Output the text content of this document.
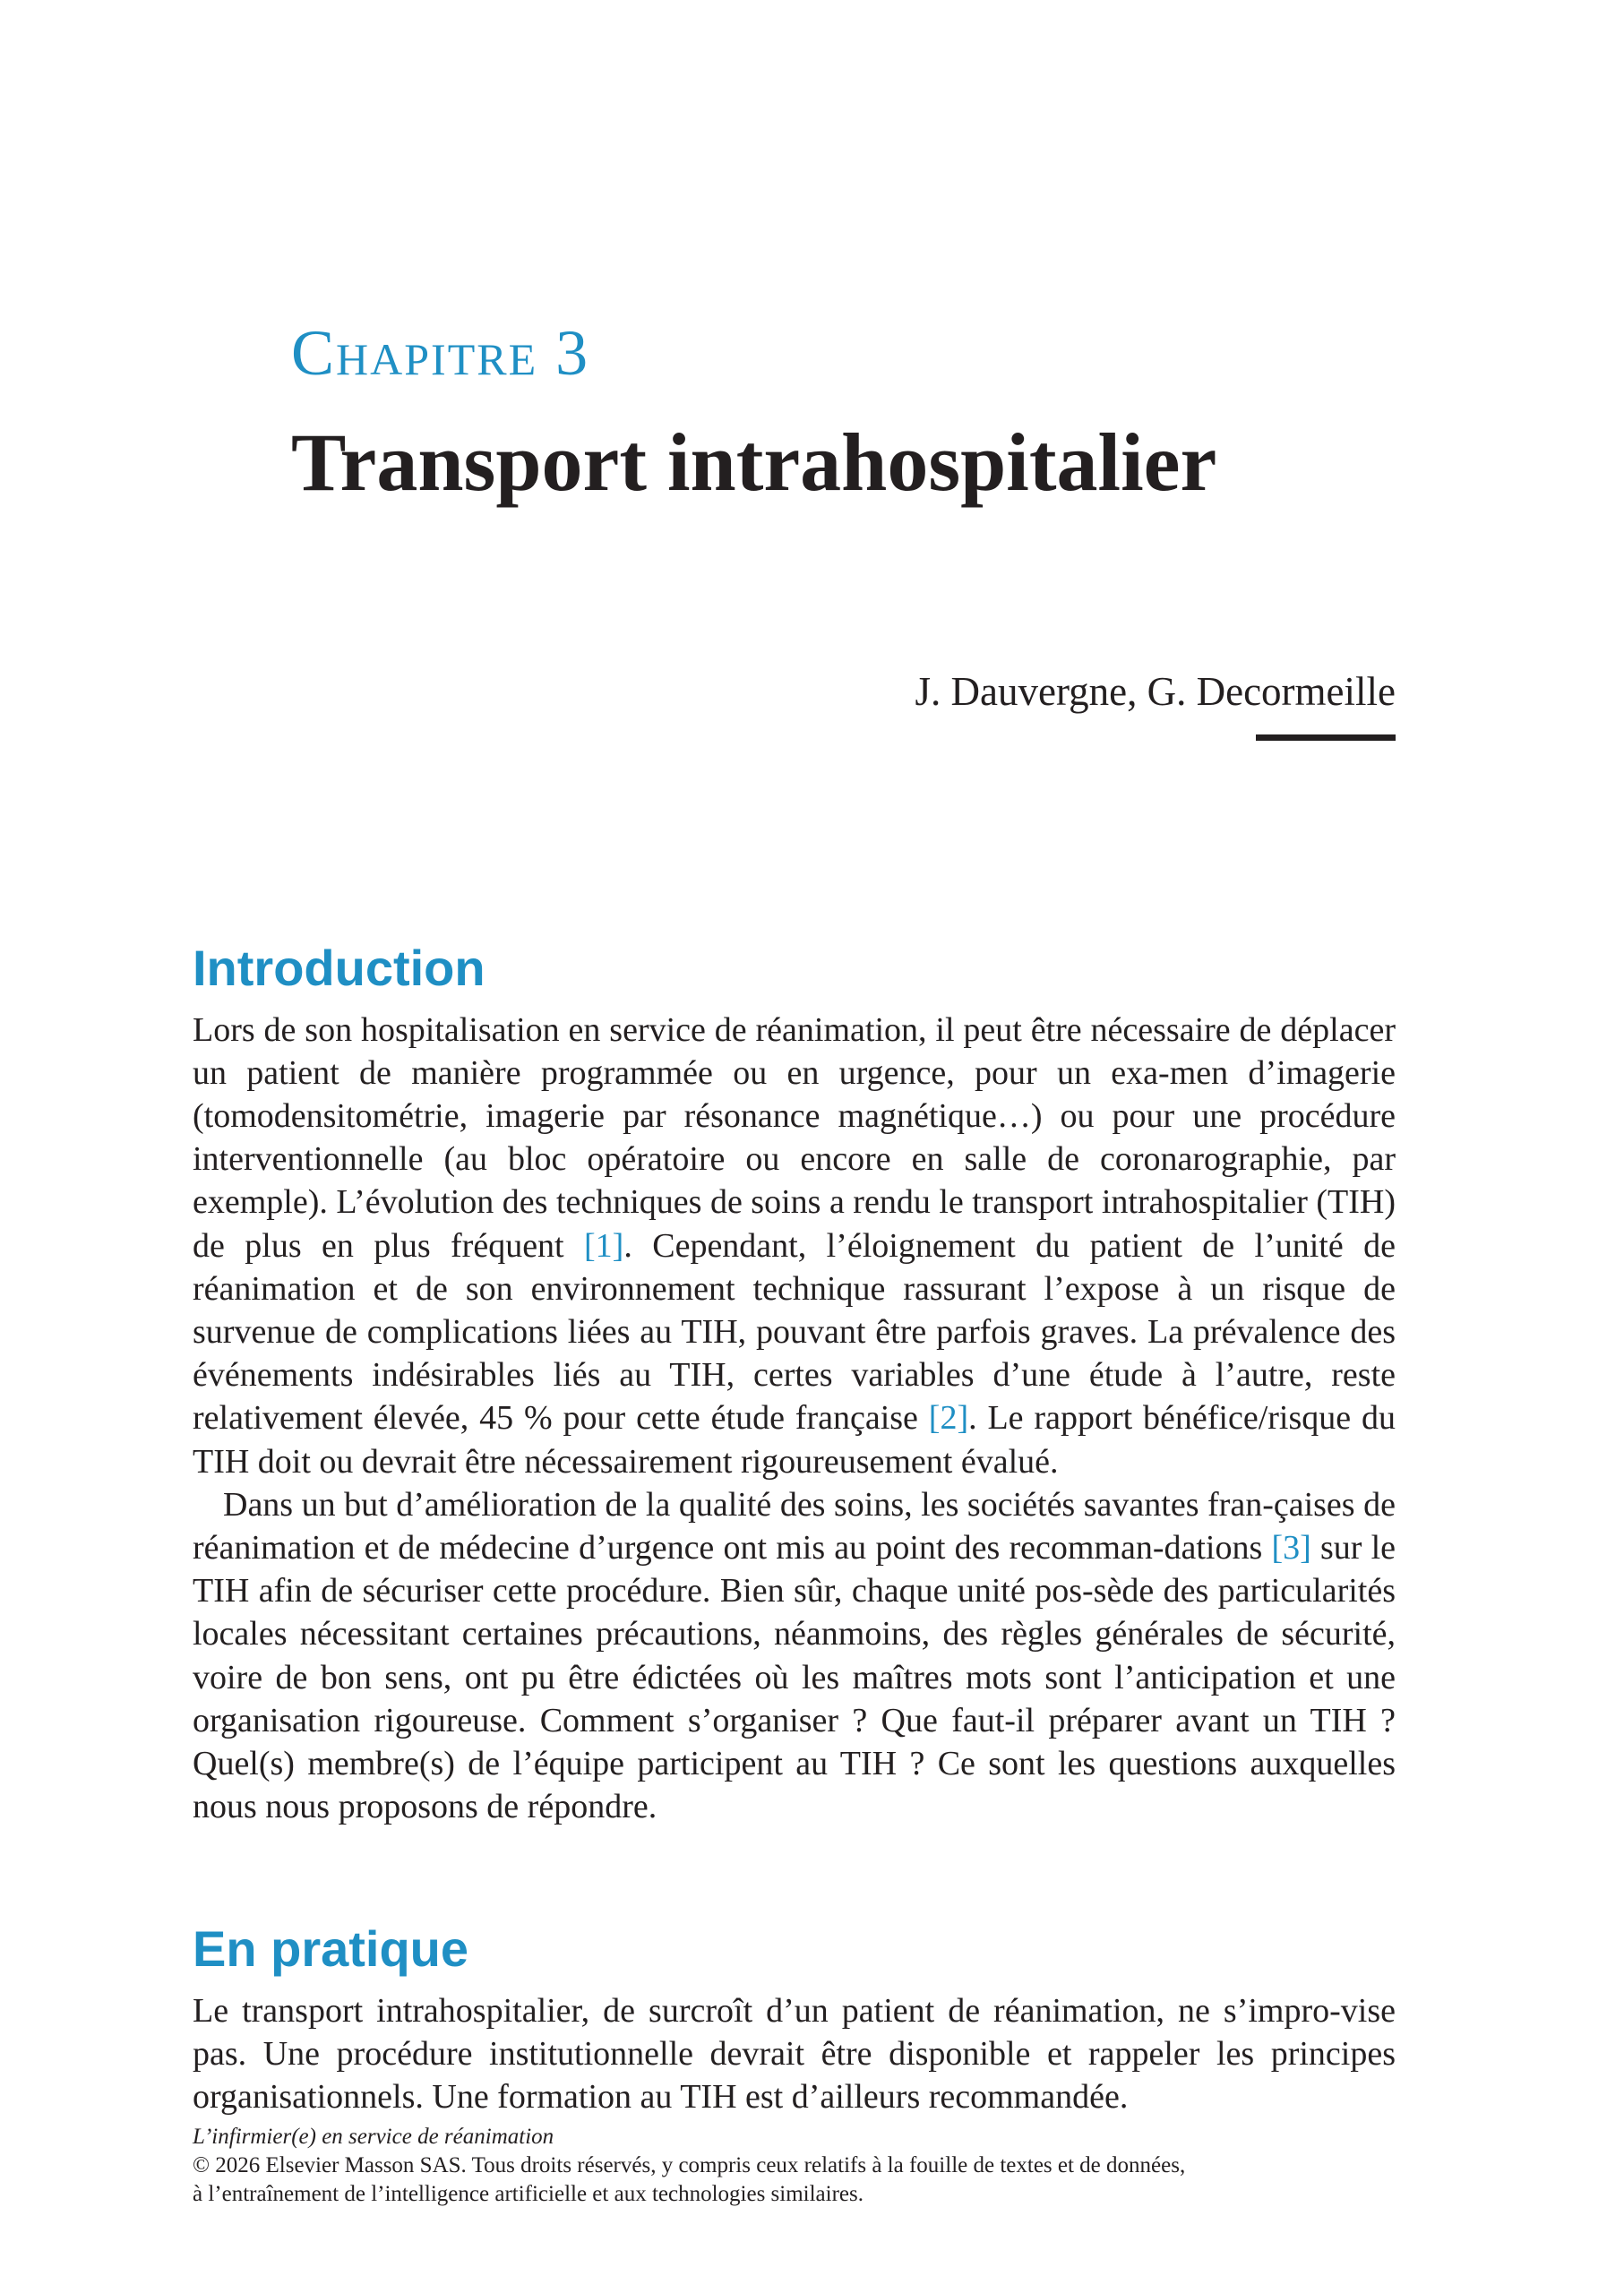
Chapitre 3
Transport intrahospitalier
J. Dauvergne, G. Decormeille
Introduction

Lors de son hospitalisation en service de réanimation, il peut être nécessaire de déplacer un patient de manière programmée ou en urgence, pour un exa-​men d’imagerie (tomodensitométrie, imagerie par résonance magnétique…) ou pour une procédure interventionnelle (au bloc opératoire ou encore en salle de coronarographie, par exemple). L’évolution des techniques de soins a rendu le transport intrahospitalier (TIH) de plus en plus fréquent [1]. Cependant, l’éloignement du patient de l’unité de réanimation et de son environnement technique rassurant l’expose à un risque de survenue de complications liées au TIH, pouvant être parfois graves. La prévalence des événements indésirables liés au TIH, certes variables d’une étude à l’autre, reste relativement élevée, 45 % pour cette étude française [2]. Le rapport bénéfice/risque du TIH doit ou devrait être nécessairement rigoureusement évalué.

Dans un but d’amélioration de la qualité des soins, les sociétés savantes fran-​çaises de réanimation et de médecine d’urgence ont mis au point des recomman-​dations [3] sur le TIH afin de sécuriser cette procédure. Bien sûr, chaque unité pos-​sède des particularités locales nécessitant certaines précautions, néanmoins, des règles générales de sécurité, voire de bon sens, ont pu être édictées où les maîtres mots sont l’anticipation et une organisation rigoureuse. Comment s’organiser ? Que faut-il préparer avant un TIH ? Quel(s) membre(s) de l’équipe participent au TIH ? Ce sont les questions auxquelles nous nous proposons de répondre.

En pratique

Le transport intrahospitalier, de surcroît d’un patient de réanimation, ne s’impro-​vise pas. Une procédure institutionnelle devrait être disponible et rappeler les principes organisationnels. Une formation au TIH est d’ailleurs recommandée.

L’infirmier(e) en service de réanimation
© 2026 Elsevier Masson SAS. Tous droits réservés, y compris ceux relatifs à la fouille de textes et de données,
à l’entraînement de l’intelligence artificielle et aux technologies similaires.
